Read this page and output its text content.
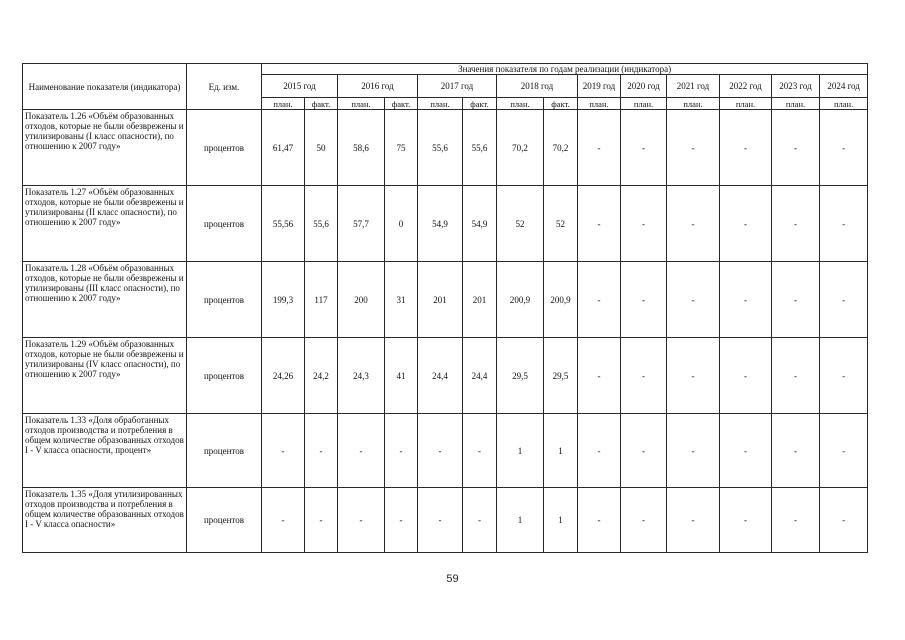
Наименование показателя (индикатора)	Ед. изм.	Значения показателя по годам реализации (индикатора)													
		2015 год		2016 год		2017 год		2018 год		2019 год	2020 год	2021 год	2022 год	2023 год	2024 год
		план.	факт.	план.	факт.	план.	факт.	план.	факт.	план.	план.	план.	план.	план.	план.
Показатель 1.26 «Объём образованных отходов, которые не были обезврежены и утилизированы (I класс опасности), по отношению к 2007 году»	процентов	61,47	50	58,6	75	55,6	55,6	70,2	70,2	-	-	-	-	-	-
Показатель 1.27 «Объём образованных отходов, которые не были обезврежены и утилизированы (II класс опасности), по отношению к 2007 году»	процентов	55,56	55,6	57,7	0	54,9	54,9	52	52	-	-	-	-	-	-
Показатель 1.28 «Объём образованных отходов, которые не были обезврежены и утилизированы (III класс опасности), по отношению к 2007 году»	процентов	199,3	117	200	31	201	201	200,9	200,9	-	-	-	-	-	-
Показатель 1.29 «Объём образованных отходов, которые не были обезврежены и утилизированы (IV класс опасности), по отношению к 2007 году»	процентов	24,26	24,2	24,3	41	24,4	24,4	29,5	29,5	-	-	-	-	-	-
Показатель 1.33 «Доля обработанных отходов производства и потребления в общем количестве образованных отходов I - V класса опасности, процент»	процентов	-	-	-	-	-	-	1	1	-	-	-	-	-	-
Показатель 1.35 «Доля утилизированных отходов производства и потребления в общем количестве образованных отходов I - V класса опасности»	процентов	-	-	-	-	-	-	1	1	-	-	-	-	-	-
59
